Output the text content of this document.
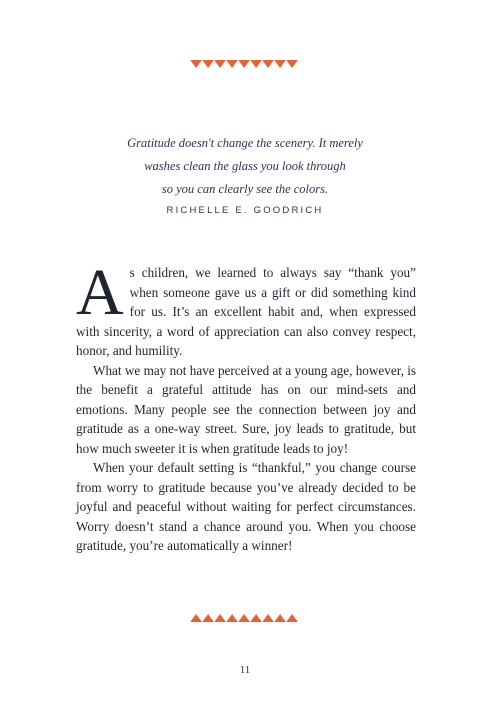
Gratitude doesn't change the scenery. It merely

washes clean the glass you look through

so you can clearly see the colors.

RICHELLE E. GOODRICH

As children, we learned to always say “thank you” when someone gave us a gift or did something kind for us. It’s an excellent habit and, when expressed with sincerity, a word of appreciation can also convey respect, honor, and humility.

What we may not have perceived at a young age, however, is the benefit a grateful attitude has on our mind-sets and emotions. Many people see the connection between joy and gratitude as a one-way street. Sure, joy leads to gratitude, but how much sweeter it is when gratitude leads to joy!

When your default setting is “thankful,” you change course from worry to gratitude because you’ve already decided to be joyful and peaceful without waiting for perfect circumstances. Worry doesn’t stand a chance around you. When you choose gratitude, you’re automatically a winner!

11
